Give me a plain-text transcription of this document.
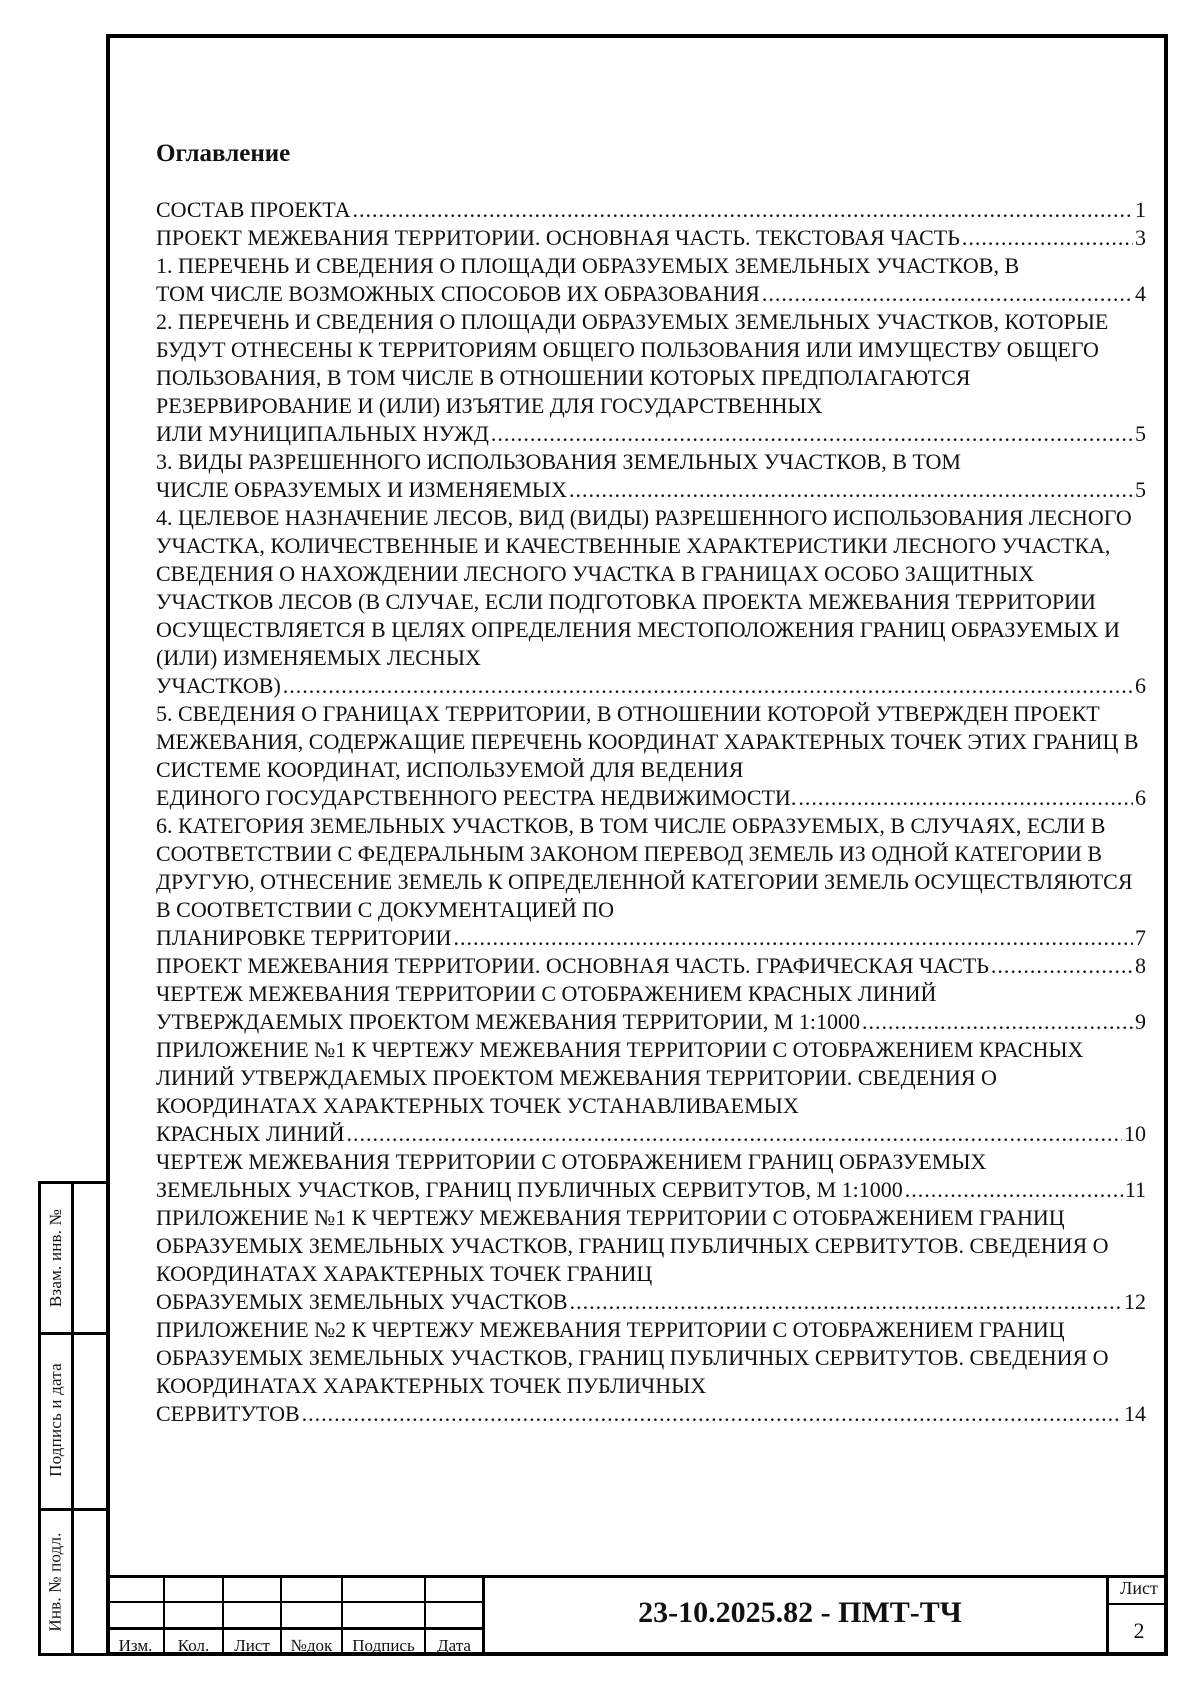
Взам. инв. №
Подпись и дата
Инв. № подл.
Оглавление
СОСТАВ ПРОЕКТА .....	1
ПРОЕКТ МЕЖЕВАНИЯ ТЕРРИТОРИИ. ОСНОВНАЯ ЧАСТЬ. ТЕКСТОВАЯ ЧАСТЬ .....	3
1. ПЕРЕЧЕНЬ И СВЕДЕНИЯ О ПЛОЩАДИ ОБРАЗУЕМЫХ ЗЕМЕЛЬНЫХ УЧАСТКОВ, В
ТОМ ЧИСЛЕ ВОЗМОЖНЫХ СПОСОБОВ ИХ ОБРАЗОВАНИЯ .....	4
2. ПЕРЕЧЕНЬ И СВЕДЕНИЯ О ПЛОЩАДИ ОБРАЗУЕМЫХ ЗЕМЕЛЬНЫХ УЧАСТКОВ, КОТОРЫЕ БУДУТ ОТНЕСЕНЫ К ТЕРРИТОРИЯМ ОБЩЕГО ПОЛЬЗОВАНИЯ ИЛИ ИМУЩЕСТВУ ОБЩЕГО ПОЛЬЗОВАНИЯ, В ТОМ ЧИСЛЕ В ОТНОШЕНИИ КОТОРЫХ ПРЕДПОЛАГАЮТСЯ РЕЗЕРВИРОВАНИЕ И (ИЛИ) ИЗЪЯТИЕ ДЛЯ ГОСУДАРСТВЕННЫХ
ИЛИ МУНИЦИПАЛЬНЫХ НУЖД .....	5
3. ВИДЫ РАЗРЕШЕННОГО ИСПОЛЬЗОВАНИЯ ЗЕМЕЛЬНЫХ УЧАСТКОВ, В ТОМ
ЧИСЛЕ ОБРАЗУЕМЫХ И ИЗМЕНЯЕМЫХ .....	5
4. ЦЕЛЕВОЕ НАЗНАЧЕНИЕ ЛЕСОВ, ВИД (ВИДЫ) РАЗРЕШЕННОГО ИСПОЛЬЗОВАНИЯ ЛЕСНОГО УЧАСТКА, КОЛИЧЕСТВЕННЫЕ И КАЧЕСТВЕННЫЕ ХАРАКТЕРИСТИКИ ЛЕСНОГО УЧАСТКА, СВЕДЕНИЯ О НАХОЖДЕНИИ ЛЕСНОГО УЧАСТКА В ГРАНИЦАХ ОСОБО ЗАЩИТНЫХ УЧАСТКОВ ЛЕСОВ (В СЛУЧАЕ, ЕСЛИ ПОДГОТОВКА ПРОЕКТА МЕЖЕВАНИЯ ТЕРРИТОРИИ ОСУЩЕСТВЛЯЕТСЯ В ЦЕЛЯХ ОПРЕДЕЛЕНИЯ МЕСТОПОЛОЖЕНИЯ ГРАНИЦ ОБРАЗУЕМЫХ И (ИЛИ) ИЗМЕНЯЕМЫХ ЛЕСНЫХ
УЧАСТКОВ) .....	6
5. СВЕДЕНИЯ О ГРАНИЦАХ ТЕРРИТОРИИ, В ОТНОШЕНИИ КОТОРОЙ УТВЕРЖДЕН ПРОЕКТ МЕЖЕВАНИЯ, СОДЕРЖАЩИЕ ПЕРЕЧЕНЬ КООРДИНАТ ХАРАКТЕРНЫХ ТОЧЕК ЭТИХ ГРАНИЦ В СИСТЕМЕ КООРДИНАТ, ИСПОЛЬЗУЕМОЙ ДЛЯ ВЕДЕНИЯ
ЕДИНОГО ГОСУДАРСТВЕННОГО РЕЕСТРА НЕДВИЖИМОСТИ. .....	6
6. КАТЕГОРИЯ ЗЕМЕЛЬНЫХ УЧАСТКОВ, В ТОМ ЧИСЛЕ ОБРАЗУЕМЫХ, В СЛУЧАЯХ, ЕСЛИ В СООТВЕТСТВИИ С ФЕДЕРАЛЬНЫМ ЗАКОНОМ ПЕРЕВОД ЗЕМЕЛЬ ИЗ ОДНОЙ КАТЕГОРИИ В ДРУГУЮ, ОТНЕСЕНИЕ ЗЕМЕЛЬ К ОПРЕДЕЛЕННОЙ КАТЕГОРИИ ЗЕМЕЛЬ ОСУЩЕСТВЛЯЮТСЯ В СООТВЕТСТВИИ С ДОКУМЕНТАЦИЕЙ ПО
ПЛАНИРОВКЕ ТЕРРИТОРИИ .....	7
ПРОЕКТ МЕЖЕВАНИЯ ТЕРРИТОРИИ. ОСНОВНАЯ ЧАСТЬ. ГРАФИЧЕСКАЯ ЧАСТЬ .....	8
ЧЕРТЕЖ МЕЖЕВАНИЯ ТЕРРИТОРИИ С ОТОБРАЖЕНИЕМ КРАСНЫХ ЛИНИЙ
УТВЕРЖДАЕМЫХ ПРОЕКТОМ МЕЖЕВАНИЯ ТЕРРИТОРИИ, М 1:1000 .....	9
ПРИЛОЖЕНИЕ №1 К ЧЕРТЕЖУ МЕЖЕВАНИЯ ТЕРРИТОРИИ С ОТОБРАЖЕНИЕМ КРАСНЫХ ЛИНИЙ УТВЕРЖДАЕМЫХ ПРОЕКТОМ МЕЖЕВАНИЯ ТЕРРИТОРИИ. СВЕДЕНИЯ О КООРДИНАТАХ ХАРАКТЕРНЫХ ТОЧЕК УСТАНАВЛИВАЕМЫХ
КРАСНЫХ ЛИНИЙ .....	10
ЧЕРТЕЖ МЕЖЕВАНИЯ ТЕРРИТОРИИ С ОТОБРАЖЕНИЕМ ГРАНИЦ ОБРАЗУЕМЫХ
ЗЕМЕЛЬНЫХ УЧАСТКОВ, ГРАНИЦ ПУБЛИЧНЫХ СЕРВИТУТОВ, М 1:1000 .....	11
ПРИЛОЖЕНИЕ №1 К ЧЕРТЕЖУ МЕЖЕВАНИЯ ТЕРРИТОРИИ С ОТОБРАЖЕНИЕМ ГРАНИЦ ОБРАЗУЕМЫХ ЗЕМЕЛЬНЫХ УЧАСТКОВ, ГРАНИЦ ПУБЛИЧНЫХ СЕРВИТУТОВ. СВЕДЕНИЯ О КООРДИНАТАХ ХАРАКТЕРНЫХ ТОЧЕК ГРАНИЦ
ОБРАЗУЕМЫХ ЗЕМЕЛЬНЫХ УЧАСТКОВ .....	12
ПРИЛОЖЕНИЕ №2 К ЧЕРТЕЖУ МЕЖЕВАНИЯ ТЕРРИТОРИИ С ОТОБРАЖЕНИЕМ ГРАНИЦ ОБРАЗУЕМЫХ ЗЕМЕЛЬНЫХ УЧАСТКОВ, ГРАНИЦ ПУБЛИЧНЫХ СЕРВИТУТОВ. СВЕДЕНИЯ О КООРДИНАТАХ ХАРАКТЕРНЫХ ТОЧЕК ПУБЛИЧНЫХ
СЕРВИТУТОВ .....	14
Изм.	Кол.	Лист	№док	Подпись	Дата
23-10.2025.82 - ПМТ-ТЧ
Лист
2
